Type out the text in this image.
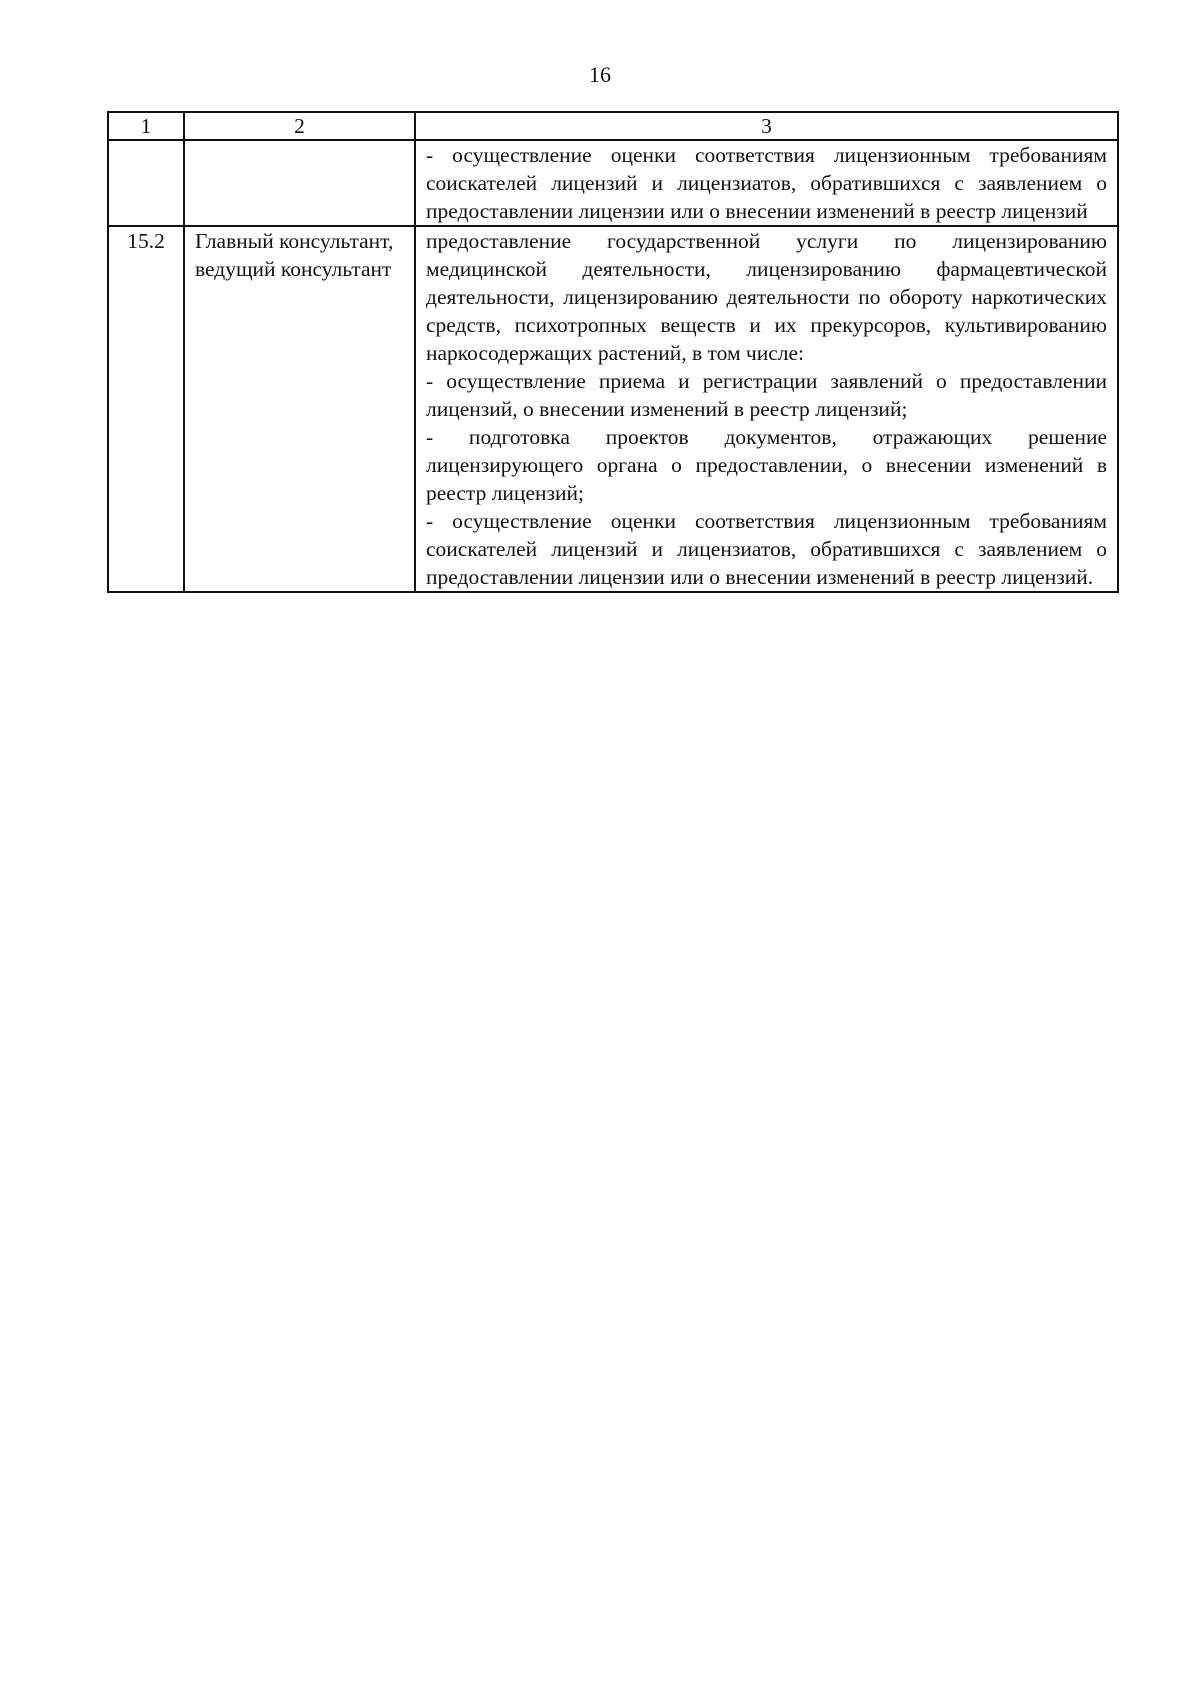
16
1	2	3

		- осуществление оценки соответствия лицензионным требованиям соискателей лицензий и лицензиатов, обратившихся с заявлением о предоставлении лицензии или о внесении изменений в реестр лицензий

15.2	Главный консультант, ведущий консультант	предоставление государственной услуги по лицензированию медицинской деятельности, лицензированию фармацевтической деятельности, лицензированию деятельности по обороту наркотических средств, психотропных веществ и их прекурсоров, культивированию наркосодержащих растений, в том числе:
- осуществление приема и регистрации заявлений о предоставлении лицензий, о внесении изменений в реестр лицензий;
- подготовка проектов документов, отражающих решение лицензирующего органа о предоставлении, о внесении изменений в реестр лицензий;
- осуществление оценки соответствия лицензионным требованиям соискателей лицензий и лицензиатов, обратившихся с заявлением о предоставлении лицензии или о внесении изменений в реестр лицензий.
